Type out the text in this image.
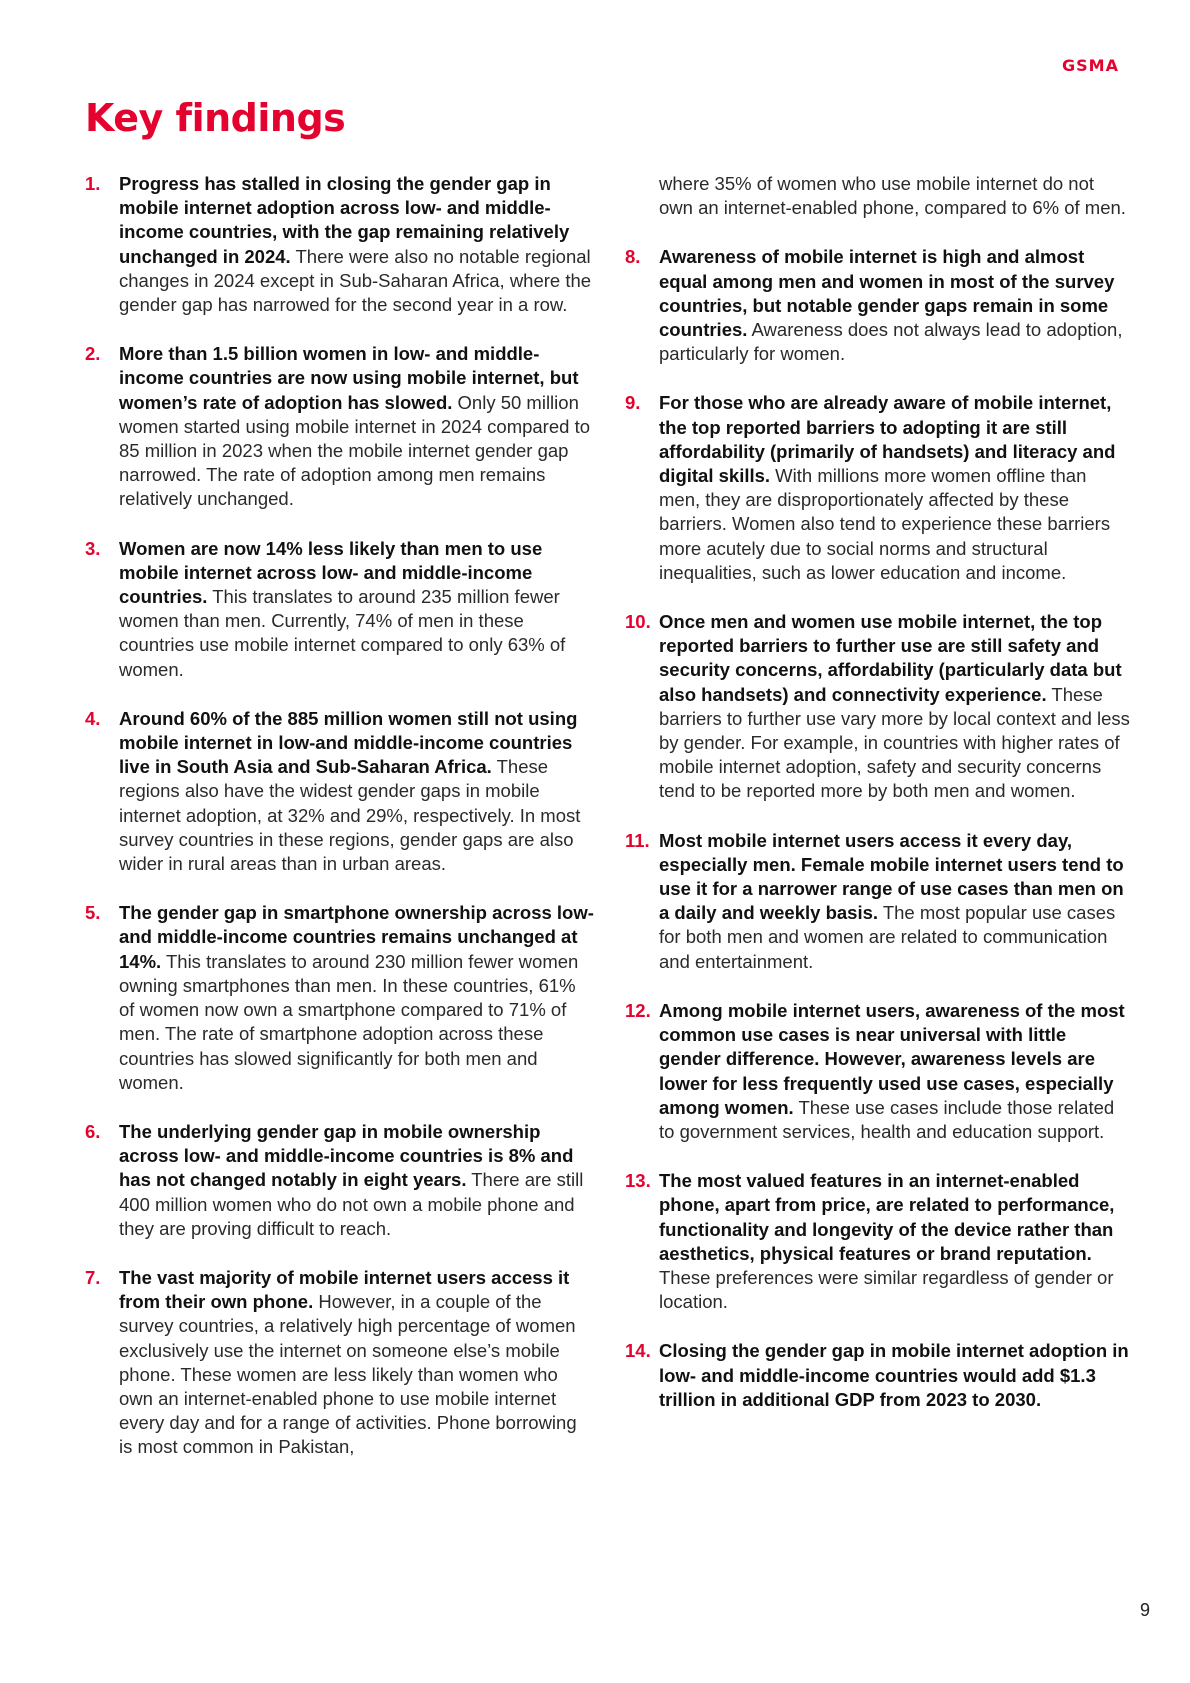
GSMA
Key findings

1. Progress has stalled in closing the gender gap in mobile internet adoption across low- and middle-income countries, with the gap remaining relatively unchanged in 2024. There were also no notable regional changes in 2024 except in Sub-Saharan Africa, where the gender gap has narrowed for the second year in a row.

2. More than 1.5 billion women in low- and middle-income countries are now using mobile internet, but women’s rate of adoption has slowed. Only 50 million women started using mobile internet in 2024 compared to 85 million in 2023 when the mobile internet gender gap narrowed. The rate of adoption among men remains relatively unchanged.

3. Women are now 14% less likely than men to use mobile internet across low- and middle-income countries. This translates to around 235 million fewer women than men. Currently, 74% of men in these countries use mobile internet compared to only 63% of women.

4. Around 60% of the 885 million women still not using mobile internet in low-and middle-income countries live in South Asia and Sub-Saharan Africa. These regions also have the widest gender gaps in mobile internet adoption, at 32% and 29%, respectively. In most survey countries in these regions, gender gaps are also wider in rural areas than in urban areas.

5. The gender gap in smartphone ownership across low- and middle-income countries remains unchanged at 14%. This translates to around 230 million fewer women owning smartphones than men. In these countries, 61% of women now own a smartphone compared to 71% of men. The rate of smartphone adoption across these countries has slowed significantly for both men and women.

6. The underlying gender gap in mobile ownership across low- and middle-income countries is 8% and has not changed notably in eight years. There are still 400 million women who do not own a mobile phone and they are proving difficult to reach.

7. The vast majority of mobile internet users access it from their own phone. However, in a couple of the survey countries, a relatively high percentage of women exclusively use the internet on someone else’s mobile phone. These women are less likely than women who own an internet-enabled phone to use mobile internet every day and for a range of activities. Phone borrowing is most common in Pakistan,

where 35% of women who use mobile internet do not own an internet-enabled phone, compared to 6% of men.

8. Awareness of mobile internet is high and almost equal among men and women in most of the survey countries, but notable gender gaps remain in some countries. Awareness does not always lead to adoption, particularly for women.

9. For those who are already aware of mobile internet, the top reported barriers to adopting it are still affordability (primarily of handsets) and literacy and digital skills. With millions more women offline than men, they are disproportionately affected by these barriers. Women also tend to experience these barriers more acutely due to social norms and structural inequalities, such as lower education and income.

10. Once men and women use mobile internet, the top reported barriers to further use are still safety and security concerns, affordability (particularly data but also handsets) and connectivity experience. These barriers to further use vary more by local context and less by gender. For example, in countries with higher rates of mobile internet adoption, safety and security concerns tend to be reported more by both men and women.

11. Most mobile internet users access it every day, especially men. Female mobile internet users tend to use it for a narrower range of use cases than men on a daily and weekly basis. The most popular use cases for both men and women are related to communication and entertainment.

12. Among mobile internet users, awareness of the most common use cases is near universal with little gender difference. However, awareness levels are lower for less frequently used use cases, especially among women. These use cases include those related to government services, health and education support.

13. The most valued features in an internet-enabled phone, apart from price, are related to performance, functionality and longevity of the device rather than aesthetics, physical features or brand reputation. These preferences were similar regardless of gender or location.

14. Closing the gender gap in mobile internet adoption in low- and middle-income countries would add $1.3 trillion in additional GDP from 2023 to 2030.

9
